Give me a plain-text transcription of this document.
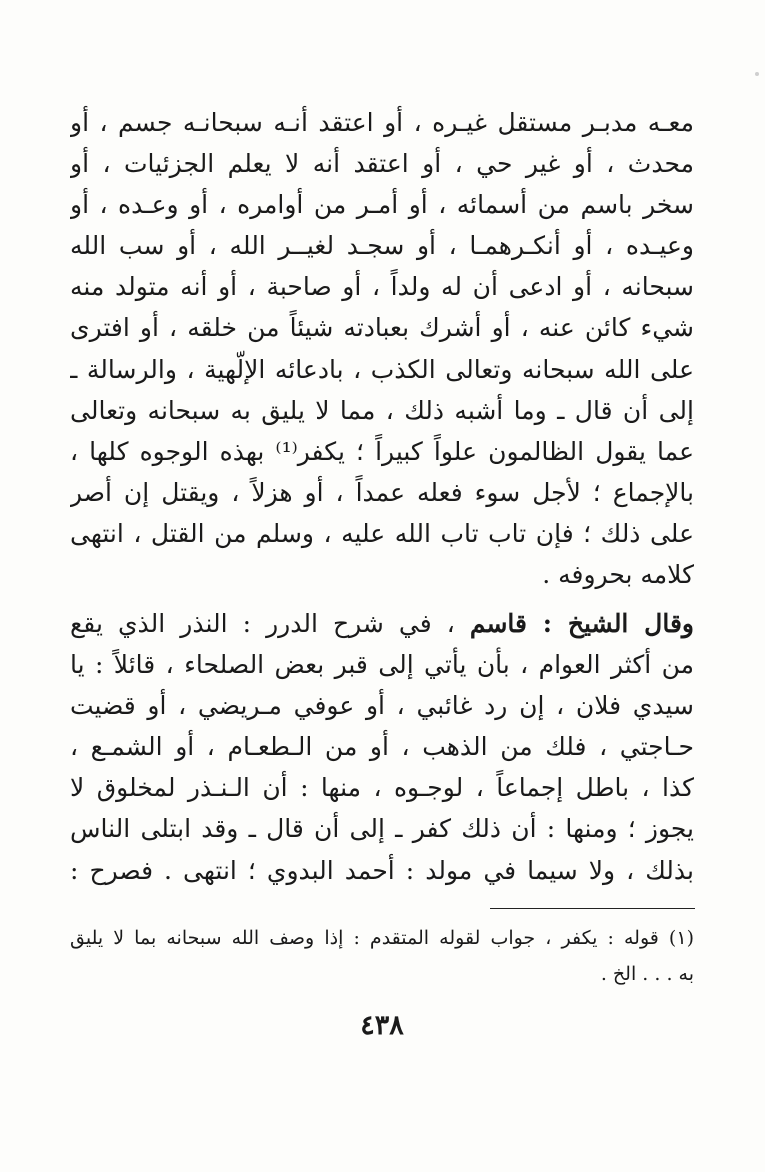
معـه مدبـر مستقل غيـره ، أو اعتقد أنـه سبحانـه جسم ، أو
محدث ، أو غير حي ، أو اعتقد أنه لا يعلم الجزئيات ، أو
سخر باسم من أسمائه ، أو أمـر من أوامره ، أو وعـده ، أو
وعيـده ، أو أنكـرهمـا ، أو سجـد لغيــر الله ، أو سب الله
سبحانه ، أو ادعى أن له ولداً ، أو صاحبة ، أو أنه متولد منه
شيء كائن عنه ، أو أشرك بعبادته شيئاً من خلقه ، أو افترى
على الله سبحانه وتعالى الكذب ، بادعائه الإلّهية ، والرسالة ـ
إلى أن قال ـ وما أشبه ذلك ، مما لا يليق به سبحانه وتعالى
عما يقول الظالمون علواً كبيراً ؛ يكفر⁽¹⁾ بهذه الوجوه كلها ،
بالإجماع ؛ لأجل سوء فعله عمداً ، أو هزلاً ، ويقتل إن أصر
على ذلك ؛ فإن تاب تاب الله عليه ، وسلم من القتل ، انتهى
كلامه بحروفه .
وقال الشيخ : قاسم ، في شرح الدرر : النذر الذي يقع
من أكثر العوام ، بأن يأتي إلى قبر بعض الصلحاء ، قائلاً : يا
سيدي فلان ، إن رد غائبي ، أو عوفي مـريضي ، أو قضيت
حـاجتي ، فلك من الذهب ، أو من الـطعـام ، أو الشمـع ،
كذا ، باطل إجماعاً ، لوجـوه ، منها : أن الـنـذر لمخلوق لا
يجوز ؛ ومنها : أن ذلك كفر ـ إلى أن قال ـ وقد ابتلى الناس
بذلك ، ولا سيما في مولد : أحمد البدوي ؛ انتهى . فصرح :
(١) قوله : يكفر ، جواب لقوله المتقدم : إذا وصف الله سبحانه بما لا يليق
به . . . الخ .
٤٣٨
